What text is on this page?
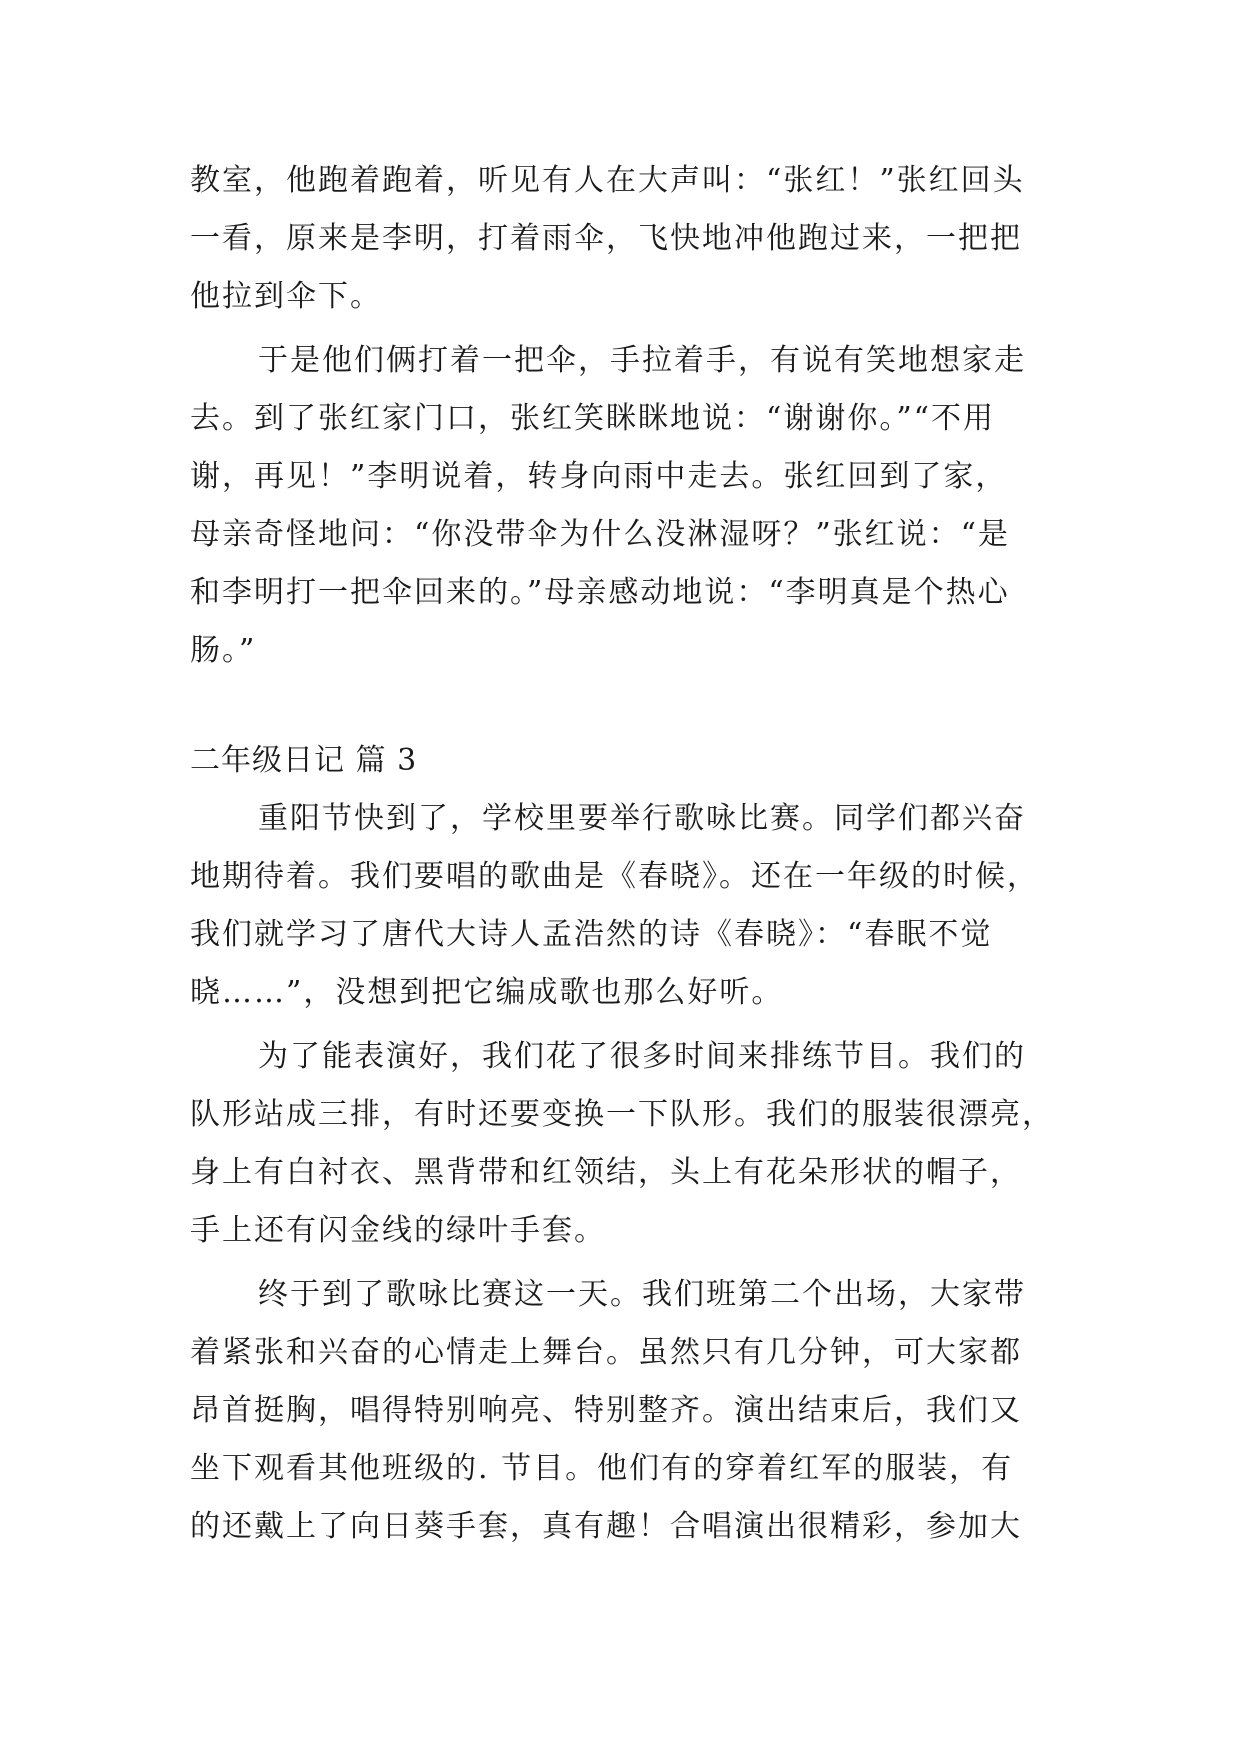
教室，他跑着跑着，听见有人在大声叫：“张红！”张红回头
一看，原来是李明，打着雨伞，飞快地冲他跑过来，一把把
他拉到伞下。
于是他们俩打着一把伞，手拉着手，有说有笑地想家走
去。到了张红家门口，张红笑眯眯地说：“谢谢你。”“不用
谢，再见！”李明说着，转身向雨中走去。张红回到了家，
母亲奇怪地问：“你没带伞为什么没淋湿呀？”张红说：“是
和李明打一把伞回来的。”母亲感动地说：“李明真是个热心
肠。”
二年级日记 篇 3
重阳节快到了，学校里要举行歌咏比赛。同学们都兴奋
地期待着。我们要唱的歌曲是《春晓》。还在一年级的时候，
我们就学习了唐代大诗人孟浩然的诗《春晓》：“春眠不觉
晓……”，没想到把它编成歌也那么好听。
为了能表演好，我们花了很多时间来排练节目。我们的
队形站成三排，有时还要变换一下队形。我们的服装很漂亮，
身上有白衬衣、黑背带和红领结，头上有花朵形状的帽子，
手上还有闪金线的绿叶手套。
终于到了歌咏比赛这一天。我们班第二个出场，大家带
着紧张和兴奋的心情走上舞台。虽然只有几分钟，可大家都
昂首挺胸，唱得特别响亮、特别整齐。演出结束后，我们又
坐下观看其他班级的. 节目。他们有的穿着红军的服装，有
的还戴上了向日葵手套，真有趣！合唱演出很精彩，参加大
